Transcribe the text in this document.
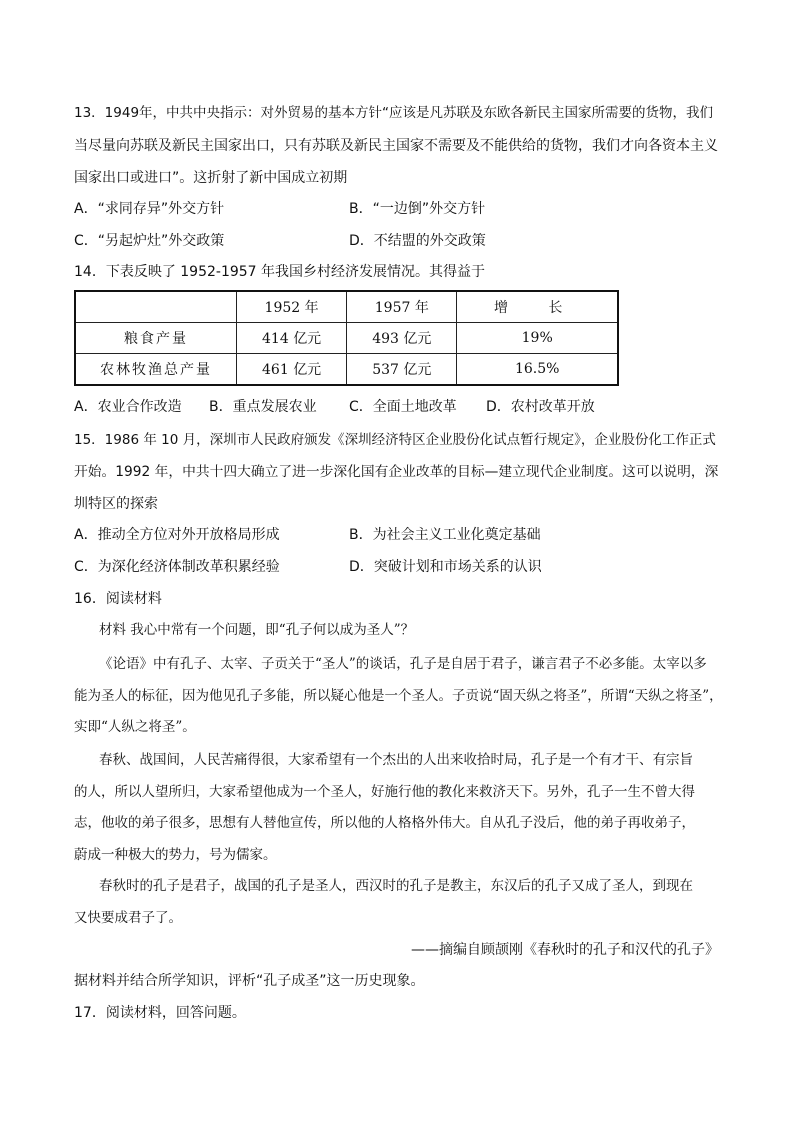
13．1949年，中共中央指示：对外贸易的基本方针“应该是凡苏联及东欧各新民主国家所需要的货物，我们
当尽量向苏联及新民主国家出口，只有苏联及新民主国家不需要及不能供给的货物，我们才向各资本主义
国家出口或进口”。这折射了新中国成立初期
A．“求同存异”外交方针	B．“一边倒”外交方针
C．“另起炉灶”外交政策	D．不结盟的外交政策
14．下表反映了 1952-1957 年我国乡村经济发展情况。其得益于
	1952 年	1957 年	增 长
粮食产量	414 亿元	493 亿元	19%
农林牧渔总产量	461 亿元	537 亿元	16.5%
A．农业合作改造 B．重点发展农业 C．全面土地改革 D．农村改革开放
15．1986 年 10 月，深圳市人民政府颁发《深圳经济特区企业股份化试点暂行规定》，企业股份化工作正式
开始。1992 年，中共十四大确立了进一步深化国有企业改革的目标—建立现代企业制度。这可以说明，深
圳特区的探索
A．推动全方位对外开放格局形成	B．为社会主义工业化奠定基础
C．为深化经济体制改革积累经验	D．突破计划和市场关系的认识
16．阅读材料
材料 我心中常有一个问题，即“孔子何以成为圣人”？
《论语》中有孔子、太宰、子贡关于“圣人”的谈话，孔子是自居于君子，谦言君子不必多能。太宰以多
能为圣人的标征，因为他见孔子多能，所以疑心他是一个圣人。子贡说“固天纵之将圣”，所谓“天纵之将圣”，
实即“人纵之将圣”。
春秋、战国间，人民苦痛得很，大家希望有一个杰出的人出来收拾时局，孔子是一个有才干、有宗旨
的人，所以人望所归，大家希望他成为一个圣人，好施行他的教化来救济天下。另外，孔子一生不曾大得
志，他收的弟子很多，思想有人替他宣传，所以他的人格格外伟大。自从孔子没后，他的弟子再收弟子，
蔚成一种极大的势力，号为儒家。
春秋时的孔子是君子，战国的孔子是圣人，西汉时的孔子是教主，东汉后的孔子又成了圣人，到现在
又快要成君子了。
——摘编自顾颉刚《春秋时的孔子和汉代的孔子》
据材料并结合所学知识，评析“孔子成圣”这一历史现象。
17．阅读材料，回答问题。
